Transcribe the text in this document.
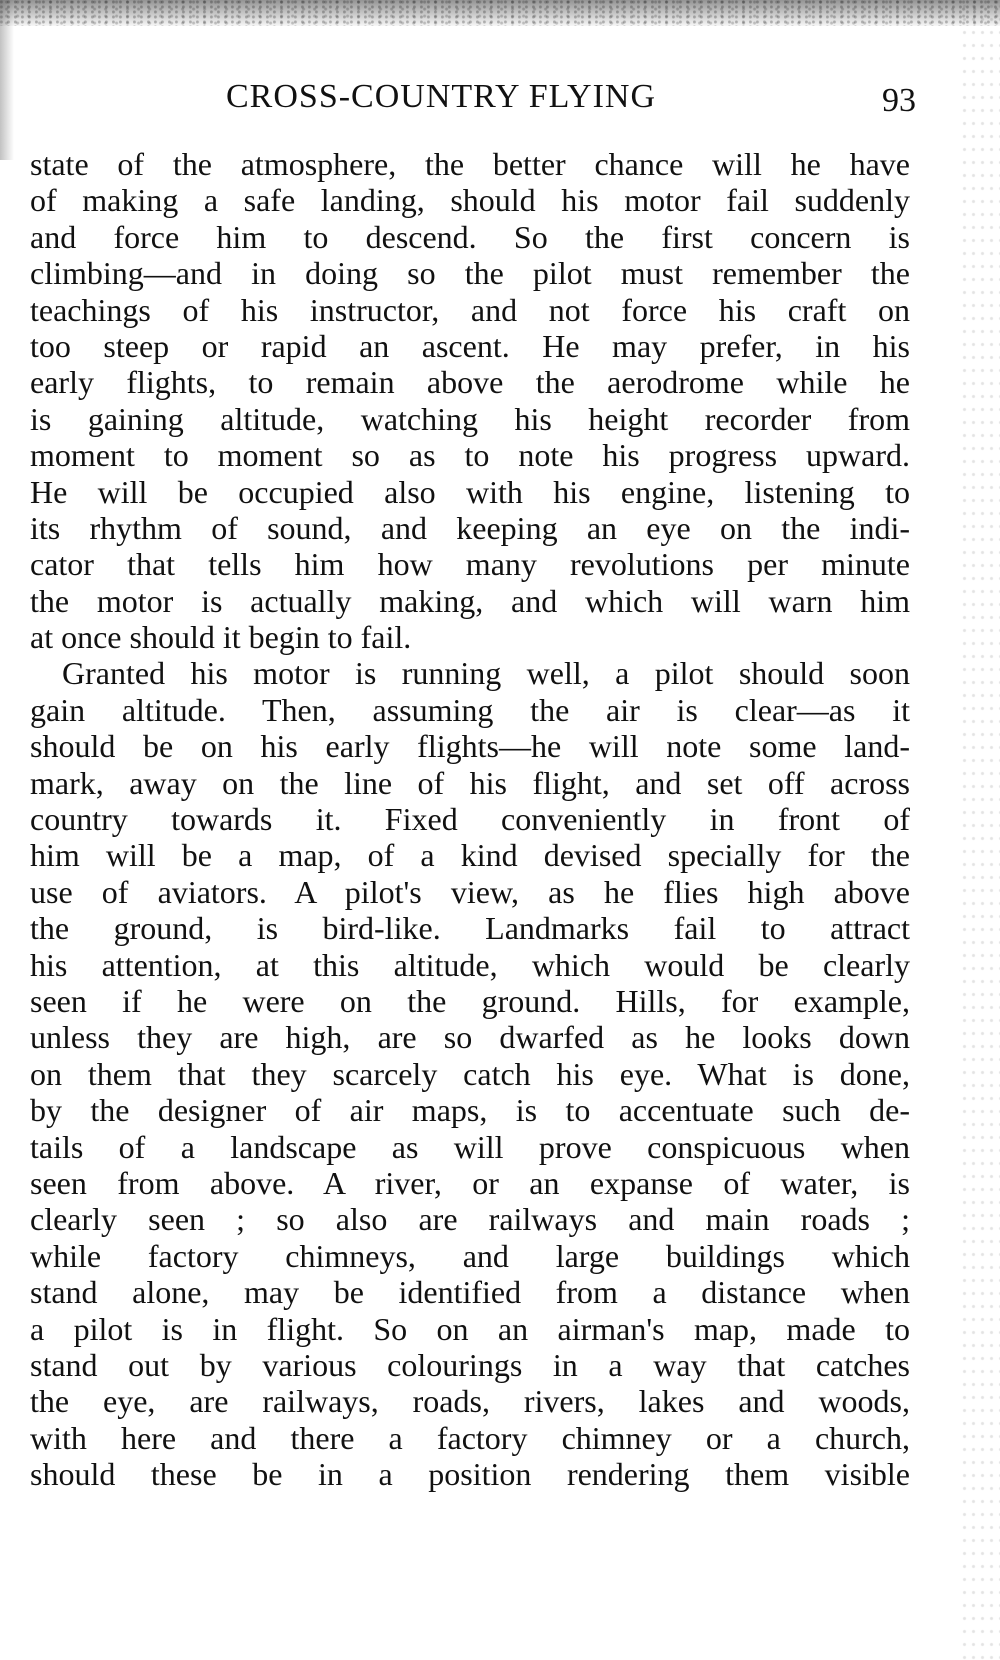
CROSS-COUNTRY FLYING	93
state of the atmosphere, the better chance will he have
of making a safe landing, should his motor fail suddenly
and force him to descend. So the first concern is
climbing—and in doing so the pilot must remember the
teachings of his instructor, and not force his craft on
too steep or rapid an ascent. He may prefer, in his
early flights, to remain above the aerodrome while he
is gaining altitude, watching his height recorder from
moment to moment so as to note his progress upward.
He will be occupied also with his engine, listening to
its rhythm of sound, and keeping an eye on the indi-
cator that tells him how many revolutions per minute
the motor is actually making, and which will warn him
at once should it begin to fail.
Granted his motor is running well, a pilot should soon
gain altitude. Then, assuming the air is clear—as it
should be on his early flights—he will note some land-
mark, away on the line of his flight, and set off across
country towards it. Fixed conveniently in front of
him will be a map, of a kind devised specially for the
use of aviators. A pilot's view, as he flies high above
the ground, is bird-like. Landmarks fail to attract
his attention, at this altitude, which would be clearly
seen if he were on the ground. Hills, for example,
unless they are high, are so dwarfed as he looks down
on them that they scarcely catch his eye. What is done,
by the designer of air maps, is to accentuate such de-
tails of a landscape as will prove conspicuous when
seen from above. A river, or an expanse of water, is
clearly seen ; so also are railways and main roads ;
while factory chimneys, and large buildings which
stand alone, may be identified from a distance when
a pilot is in flight. So on an airman's map, made to
stand out by various colourings in a way that catches
the eye, are railways, roads, rivers, lakes and woods,
with here and there a factory chimney or a church,
should these be in a position rendering them visible
